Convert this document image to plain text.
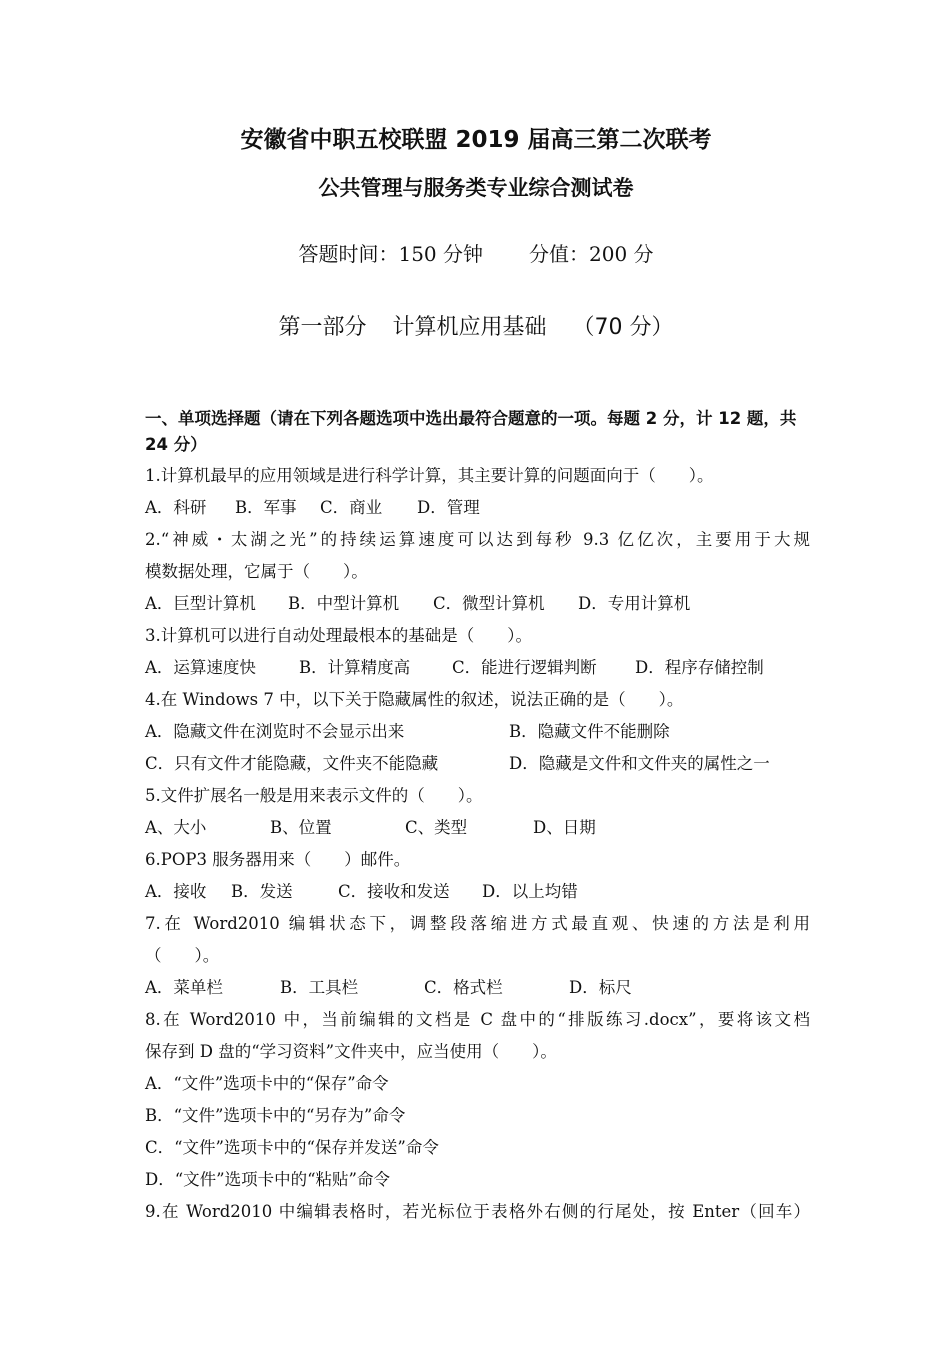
安徽省中职五校联盟 2019 届高三第二次联考
公共管理与服务类专业综合测试卷
答题时间：150 分钟 分值：200 分
第一部分 计算机应用基础 （70 分）
一、单项选择题（请在下列各题选项中选出最符合题意的一项。每题 2 分，计 12 题，共 24 分）
1.计算机最早的应用领域是进行科学计算，其主要计算的问题面向于（　　）。
A．科研 B．军事 C．商业 D．管理
2.“神威・太湖之光”的持续运算速度可以达到每秒 9.3 亿亿次，主要用于大规
模数据处理，它属于（　　）。
A．巨型计算机 B．中型计算机 C．微型计算机 D．专用计算机
3.计算机可以进行自动处理最根本的基础是（　　）。
A．运算速度快	B．计算精度高	C．能进行逻辑判断 D．程序存储控制
4.在 Windows 7 中，以下关于隐藏属性的叙述，说法正确的是（　　）。
A．隐藏文件在浏览时不会显示出来	B．隐藏文件不能删除
C．只有文件才能隐藏，文件夹不能隐藏	D．隐藏是文件和文件夹的属性之一
5.文件扩展名一般是用来表示文件的（　　）。
A、大小	B、位置	C、类型	D、日期
6.POP3 服务器用来（　　）邮件。
A．接收 B．发送	C．接收和发送 D．以上均错
7.在 Word2010 编辑状态下，调整段落缩进方式最直观、快速的方法是利用
（　　）。
A．菜单栏	B．工具栏	C．格式栏	D．标尺
8.在 Word2010 中，当前编辑的文档是 C 盘中的“排版练习.docx”，要将该文档
保存到 D 盘的“学习资料”文件夹中，应当使用（　　）。
A．“文件”选项卡中的“保存”命令
B．“文件”选项卡中的“另存为”命令
C．“文件”选项卡中的“保存并发送”命令
D．“文件”选项卡中的“粘贴”命令
9.在 Word2010 中编辑表格时，若光标位于表格外右侧的行尾处，按 Enter（回车）
